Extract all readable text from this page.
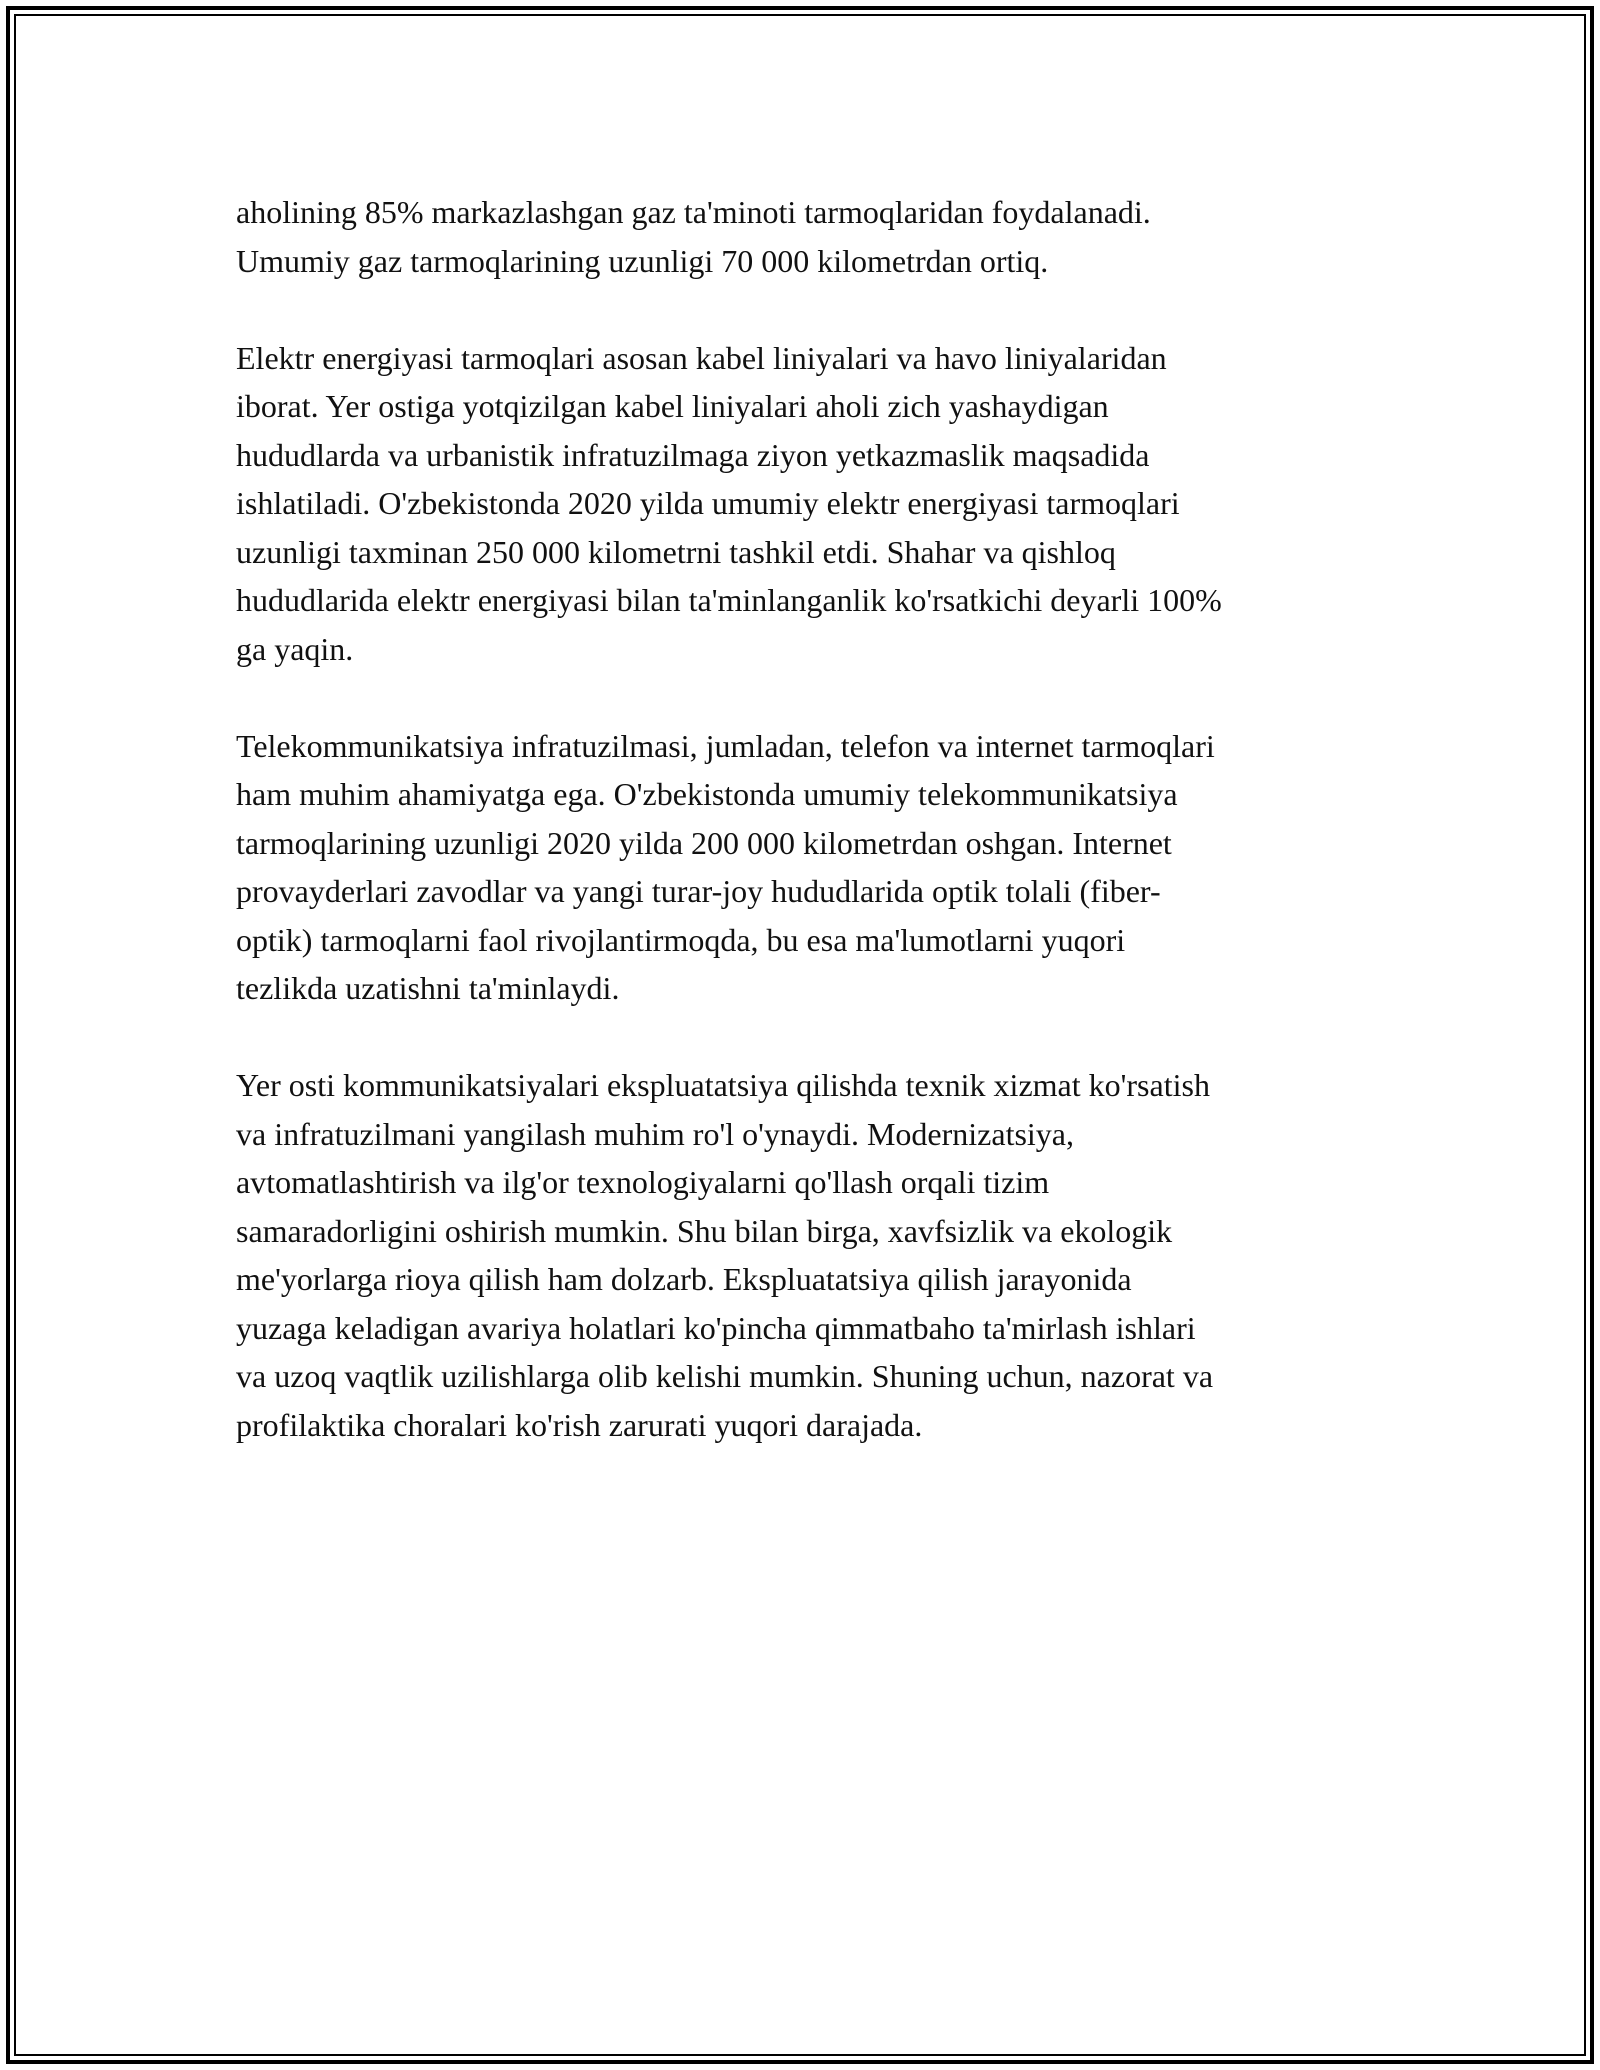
aholining 85% markazlashgan gaz ta'minoti tarmoqlaridan foydalanadi.
Umumiy gaz tarmoqlarining uzunligi 70 000 kilometrdan ortiq.

Elektr energiyasi tarmoqlari asosan kabel liniyalari va havo liniyalaridan
iborat. Yer ostiga yotqizilgan kabel liniyalari aholi zich yashaydigan
hududlarda va urbanistik infratuzilmaga ziyon yetkazmaslik maqsadida
ishlatiladi. O'zbekistonda 2020 yilda umumiy elektr energiyasi tarmoqlari
uzunligi taxminan 250 000 kilometrni tashkil etdi. Shahar va qishloq
hududlarida elektr energiyasi bilan ta'minlanganlik ko'rsatkichi deyarli 100%
ga yaqin.

Telekommunikatsiya infratuzilmasi, jumladan, telefon va internet tarmoqlari
ham muhim ahamiyatga ega. O'zbekistonda umumiy telekommunikatsiya
tarmoqlarining uzunligi 2020 yilda 200 000 kilometrdan oshgan. Internet
provayderlari zavodlar va yangi turar-joy hududlarida optik tolali (fiber-
optik) tarmoqlarni faol rivojlantirmoqda, bu esa ma'lumotlarni yuqori
tezlikda uzatishni ta'minlaydi.

Yer osti kommunikatsiyalari ekspluatatsiya qilishda texnik xizmat ko'rsatish
va infratuzilmani yangilash muhim ro'l o'ynaydi. Modernizatsiya,
avtomatlashtirish va ilg'or texnologiyalarni qo'llash orqali tizim
samaradorligini oshirish mumkin. Shu bilan birga, xavfsizlik va ekologik
me'yorlarga rioya qilish ham dolzarb. Ekspluatatsiya qilish jarayonida
yuzaga keladigan avariya holatlari ko'pincha qimmatbaho ta'mirlash ishlari
va uzoq vaqtlik uzilishlarga olib kelishi mumkin. Shuning uchun, nazorat va
profilaktika choralari ko'rish zarurati yuqori darajada.
